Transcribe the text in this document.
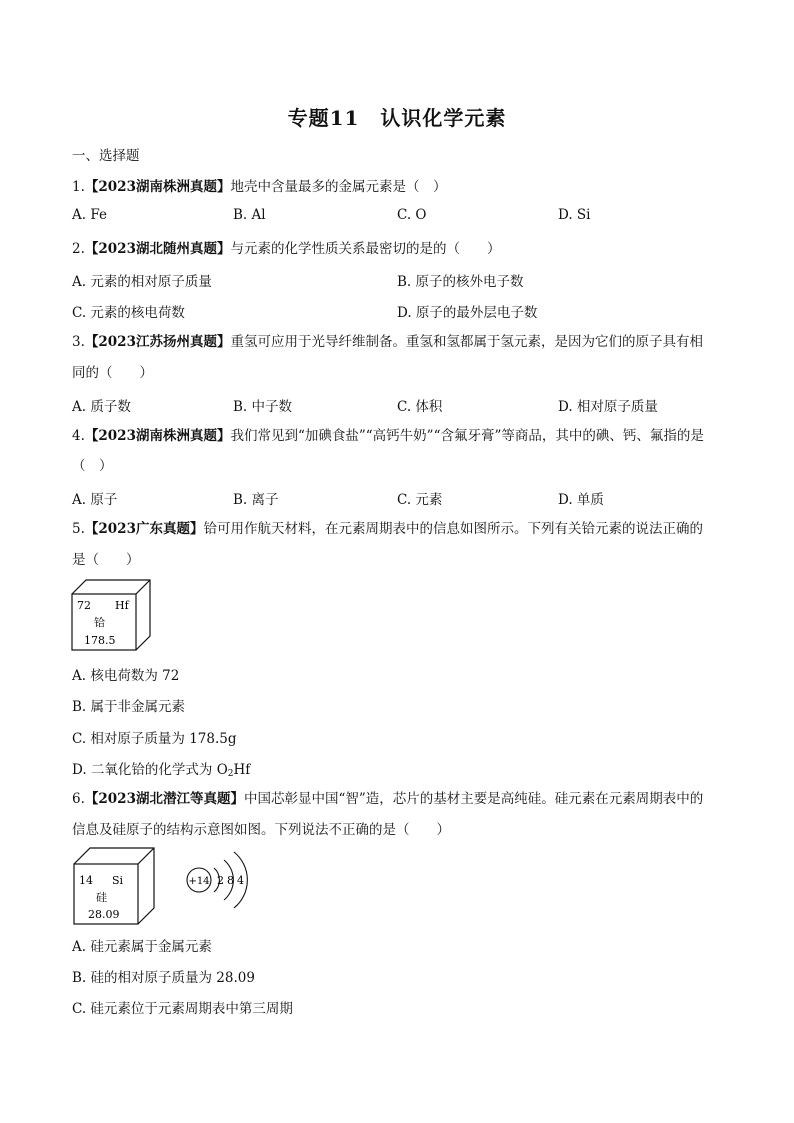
专题11　认识化学元素
一、选择题
1.【2023湖南株洲真题】地壳中含量最多的金属元素是（　）
A. Fe	B. Al	C. O	D. Si
2.【2023湖北随州真题】与元素的化学性质关系最密切的是的（　　）
A. 元素的相对原子质量	B. 原子的核外电子数
C. 元素的核电荷数	D. 原子的最外层电子数
3.【2023江苏扬州真题】重氢可应用于光导纤维制备。重氢和氢都属于氢元素，是因为它们的原子具有相
同的（　　）
A. 质子数	B. 中子数	C. 体积	D. 相对原子质量
4.【2023湖南株洲真题】我们常见到“加碘食盐”“高钙牛奶”“含氟牙膏”等商品，其中的碘、钙、氟指的是
（　）
A. 原子	B. 离子	C. 元素	D. 单质
5.【2023广东真题】铪可用作航天材料，在元素周期表中的信息如图所示。下列有关铪元素的说法正确的
是（　　）
72 Hf
铪
178.5
A. 核电荷数为 72
B. 属于非金属元素
C. 相对原子质量为 178.5g
D. 二氧化铪的化学式为 $O_2Hf$
6.【2023湖北潜江等真题】中国芯彰显中国“智”造，芯片的基材主要是高纯硅。硅元素在元素周期表中的
信息及硅原子的结构示意图如图。下列说法不正确的是（　　）
14 Si
硅
28.09
+14 2 8 4
A. 硅元素属于金属元素
B. 硅的相对原子质量为 28.09
C. 硅元素位于元素周期表中第三周期
